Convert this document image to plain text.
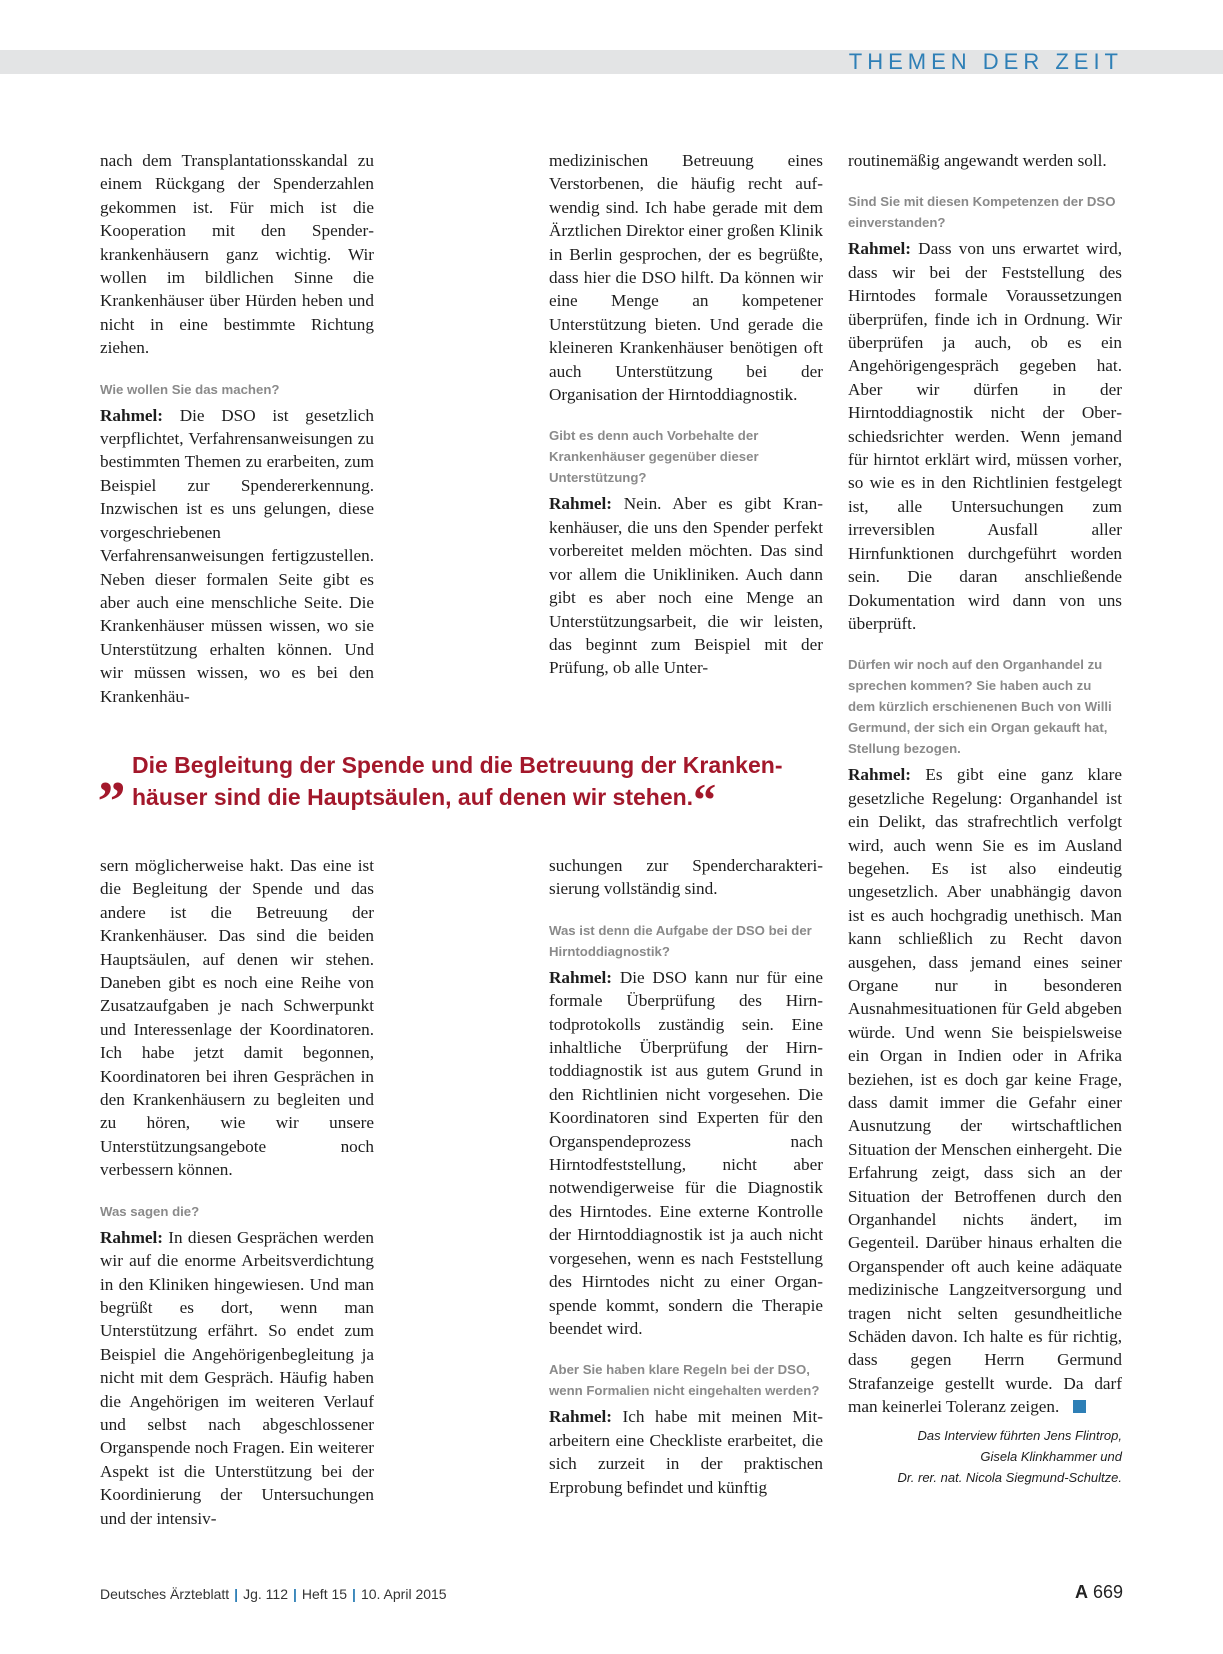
THEMEN DER ZEIT

nach dem Transplantationsskandal zu einem Rückgang der Spenderzahlen gekommen ist. Für mich ist die Kooperation mit den Spenderkrankenhäusern ganz wichtig. Wir wollen im bildlichen Sinne die Krankenhäuser über Hürden heben und nicht in eine bestimmte Richtung ziehen.

Wie wollen Sie das machen?

Rahmel: Die DSO ist gesetzlich verpflichtet, Verfahrensanweisungen zu bestimmten Themen zu erarbeiten, zum Beispiel zur Spendererkennung. Inzwischen ist es uns gelungen, diese vorgeschriebenen Verfahrensanweisungen fertigzustellen. Neben dieser formalen Seite gibt es aber auch eine menschliche Seite. Die Krankenhäuser müssen wissen, wo sie Unterstützung erhalten können. Und wir müssen wissen, wo es bei den Krankenhäu-

medizinischen Betreuung eines Verstorbenen, die häufig recht aufwendig sind. Ich habe gerade mit dem Ärztlichen Direktor einer großen Klinik in Berlin gesprochen, der es begrüßte, dass hier die DSO hilft. Da können wir eine Menge an kompetener Unterstützung bieten. Und gerade die kleineren Krankenhäuser benötigen oft auch Unterstützung bei der Organisation der Hirntoddiagnostik.

Gibt es denn auch Vorbehalte der Krankenhäuser gegenüber dieser Unterstützung?

Rahmel: Nein. Aber es gibt Krankenhäuser, die uns den Spender perfekt vorbereitet melden möchten. Das sind vor allem die Unikliniken. Auch dann gibt es aber noch eine Menge an Unterstützungsarbeit, die wir leisten, das beginnt zum Beispiel mit der Prüfung, ob alle Unter-

routinemäßig angewandt werden soll.

Sind Sie mit diesen Kompetenzen der DSO einverstanden?

Rahmel: Dass von uns erwartet wird, dass wir bei der Feststellung des Hirntodes formale Voraussetzungen überprüfen, finde ich in Ordnung. Wir überprüfen ja auch, ob es ein Angehörigengespräch gegeben hat. Aber wir dürfen in der Hirntoddiagnostik nicht der Oberschiedsrichter werden. Wenn jemand für hirntot erklärt wird, müssen vorher, so wie es in den Richtlinien festgelegt ist, alle Untersuchungen zum irreversiblen Ausfall aller Hirnfunktionen durchgeführt worden sein. Die daran anschließende Dokumentation wird dann von uns überprüft.

Dürfen wir noch auf den Organhandel zu sprechen kommen? Sie haben auch zu dem kürzlich erschienenen Buch von Willi Germund, der sich ein Organ gekauft hat, Stellung bezogen.

Rahmel: Es gibt eine ganz klare gesetzliche Regelung: Organhandel ist ein Delikt, das strafrechtlich verfolgt wird, auch wenn Sie es im Ausland begehen. Es ist also eindeutig ungesetzlich. Aber unabhängig davon ist es auch hochgradig unethisch. Man kann schließlich zu Recht davon ausgehen, dass jemand eines seiner Organe nur in besonderen Ausnahmesituationen für Geld abgeben würde. Und wenn Sie beispielsweise ein Organ in Indien oder in Afrika beziehen, ist es doch gar keine Frage, dass damit immer die Gefahr einer Ausnutzung der wirtschaftlichen Situation der Menschen einhergeht. Die Erfahrung zeigt, dass sich an der Situation der Betroffenen durch den Organhandel nichts ändert, im Gegenteil. Darüber hinaus erhalten die Organspender oft auch keine adäquate medizinische Langzeitversorgung und tragen nicht selten gesundheitliche Schäden davon. Ich halte es für richtig, dass gegen Herrn Germund Strafanzeige gestellt wurde. Da darf man keinerlei Toleranz zeigen.

Das Interview führten Jens Flintrop,
Gisela Klinkhammer und
Dr. rer. nat. Nicola Siegmund-Schultze.
„ Die Begleitung der Spende und die Betreuung der Krankenhäuser sind die Hauptsäulen, auf denen wir stehen.“

sern möglicherweise hakt. Das eine ist die Begleitung der Spende und das andere ist die Betreuung der Krankenhäuser. Das sind die beiden Hauptsäulen, auf denen wir stehen. Daneben gibt es noch eine Reihe von Zusatzaufgaben je nach Schwerpunkt und Interessenlage der Koordinatoren. Ich habe jetzt damit begonnen, Koordinatoren bei ihren Gesprächen in den Krankenhäusern zu begleiten und zu hören, wie wir unsere Unterstützungsangebote noch verbessern können.

Was sagen die?

Rahmel: In diesen Gesprächen werden wir auf die enorme Arbeitsverdichtung in den Kliniken hingewiesen. Und man begrüßt es dort, wenn man Unterstützung erfährt. So endet zum Beispiel die Angehörigenbegleitung ja nicht mit dem Gespräch. Häufig haben die Angehörigen im weiteren Verlauf und selbst nach abgeschlossener Organspende noch Fragen. Ein weiterer Aspekt ist die Unterstützung bei der Koordinierung der Untersuchungen und der intensiv-

suchungen zur Spendercharakterisierung vollständig sind.

Was ist denn die Aufgabe der DSO bei der Hirntoddiagnostik?

Rahmel: Die DSO kann nur für eine formale Überprüfung des Hirntodprotokolls zuständig sein. Eine inhaltliche Überprüfung der Hirntoddiagnostik ist aus gutem Grund in den Richtlinien nicht vorgesehen. Die Koordinatoren sind Experten für den Organspendeprozess nach Hirntodfeststellung, nicht aber notwendigerweise für die Diagnostik des Hirntodes. Eine externe Kontrolle der Hirntoddiagnostik ist ja auch nicht vorgesehen, wenn es nach Feststellung des Hirntodes nicht zu einer Organspende kommt, sondern die Therapie beendet wird.

Aber Sie haben klare Regeln bei der DSO, wenn Formalien nicht eingehalten werden?

Rahmel: Ich habe mit meinen Mitarbeitern eine Checkliste erarbeitet, die sich zurzeit in der praktischen Erprobung befindet und künftig

Deutsches Ärzteblatt | Jg. 112 | Heft 15 | 10. April 2015	A 669
